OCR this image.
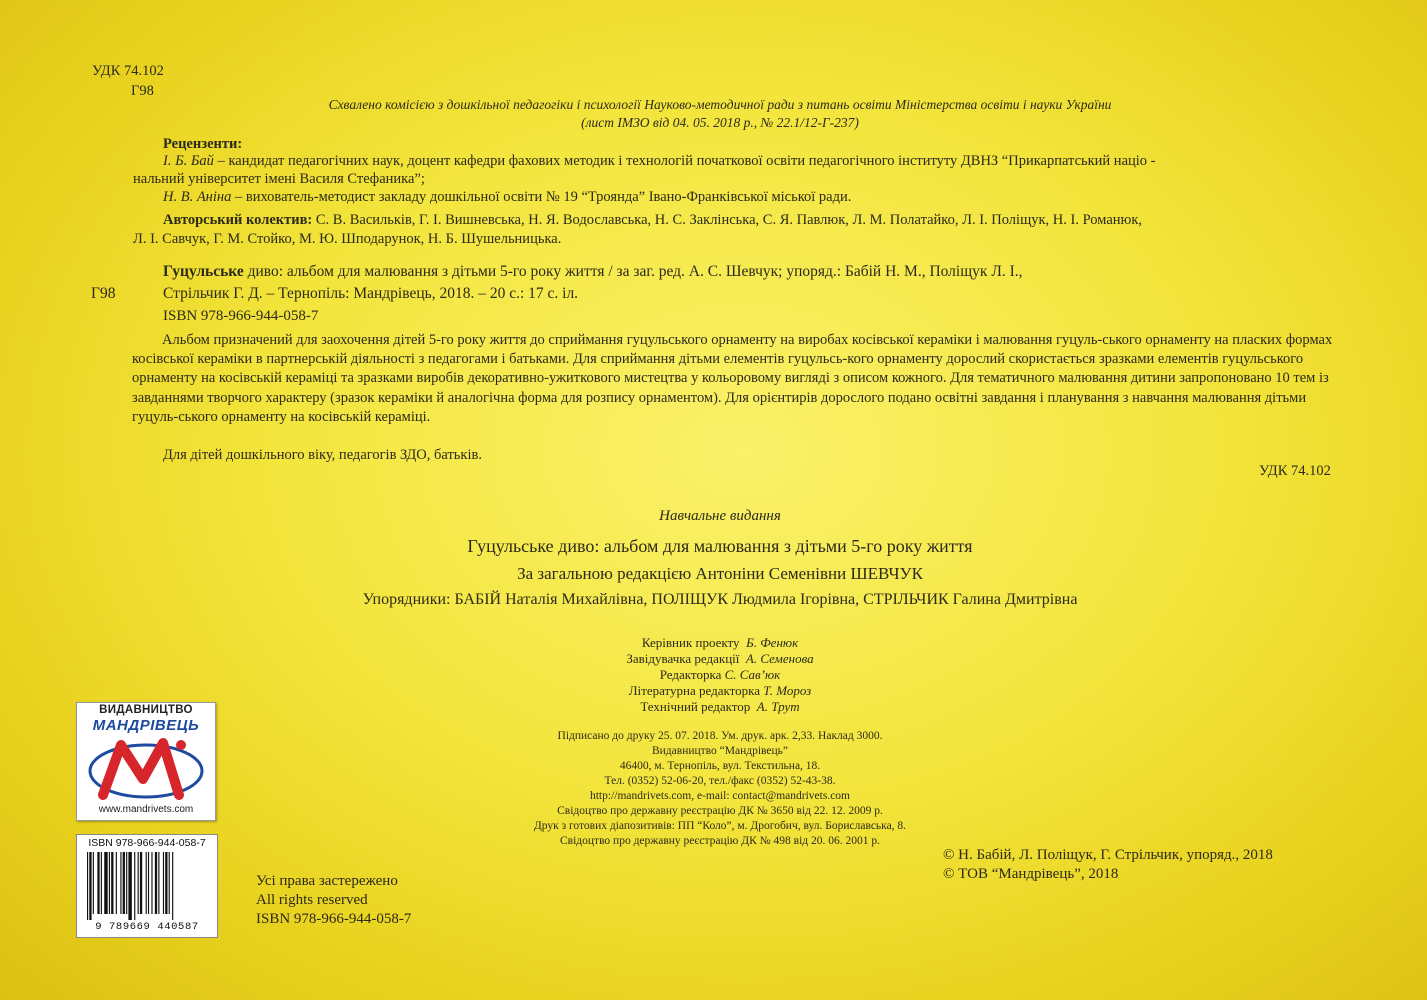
УДК 74.102
Г98
Схвалено комісією з дошкільної педагогіки і психології Науково-методичної ради з питань освіти Міністерства освіти і науки України
(лист ІМЗО від 04. 05. 2018 р., № 22.1/12-Г-237)
Рецензенти:
І. Б. Бай – кандидат педагогічних наук, доцент кафедри фахових методик і технологій початкової освіти педагогічного інституту ДВНЗ “Прикарпатський націо -
нальний університет імені Василя Стефаника”;
Н. В. Аніна – вихователь-методист закладу дошкільної освіти № 19 “Троянда” Івано-Франківської міської ради.
Авторський колектив: С. В. Васильків, Г. І. Вишневська, Н. Я. Водославська, Н. С. Заклінська, С. Я. Павлюк, Л. М. Полатайко, Л. І. Поліщук, Н. І. Романюк,
Л. І. Савчук, Г. М. Стойко, М. Ю. Шподарунок, Н. Б. Шушельницька.
Гуцульське диво: альбом для малювання з дітьми 5-го року життя / за заг. ред. А. С. Шевчук; упоряд.: Бабій Н. М., Поліщук Л. І.,
Г98	Стрільчик Г. Д. – Тернопіль: Мандрівець, 2018. – 20 с.: 17 с. іл.
ISBN 978-966-944-058-7
Альбом призначений для заохочення дітей 5-го року життя до сприймання гуцульського орнаменту на виробах косівської кераміки і малювання гуцуль-ського орнаменту на пласких формах косівської кераміки в партнерській діяльності з педагогами і батьками. Для сприймання дітьми елементів гуцульсь-кого орнаменту дорослий скористається зразками елементів гуцульського орнаменту на косівській кераміці та зразками виробів декоративно-ужиткового мистецтва у кольоровому вигляді з описом кожного. Для тематичного малювання дитини запропоновано 10 тем із завданнями творчого характеру (зразок кераміки й аналогічна форма для розпису орнаментом). Для орієнтирів дорослого подано освітні завдання і планування з навчання малювання дітьми гуцуль-ського орнаменту на косівській кераміці.
Для дітей дошкільного віку, педагогів ЗДО, батьків.
УДК 74.102
Навчальне видання
Гуцульське диво: альбом для малювання з дітьми 5-го року життя
За загальною редакцією Антоніни Семенівни ШЕВЧУК
Упорядники: БАБІЙ Наталія Михайлівна, ПОЛІЩУК Людмила Ігорівна, СТРІЛЬЧИК Галина Дмитрівна
Керівник проекту Б. Фенюк
Завідувачка редакції А. Семенова
Редакторка С. Сав’юк
Літературна редакторка Т. Мороз
Технічний редактор А. Трут
Підписано до друку 25. 07. 2018. Ум. друк. арк. 2,33. Наклад 3000.
Видавництво “Мандрівець”
46400, м. Тернопіль, вул. Текстильна, 18.
Тел. (0352) 52-06-20, тел./факс (0352) 52-43-38.
http://mandrivets.com, e-mail: contact@mandrivets.com
Свідоцтво про державну реєстрацію ДК № 3650 від 22. 12. 2009 р.
Друк з готових діапозитивів: ПП “Коло”, м. Дрогобич, вул. Бориславська, 8.
Свідоцтво про державну реєстрацію ДК № 498 від 20. 06. 2001 р.
© Н. Бабій, Л. Поліщук, Г. Стрільчик, упоряд., 2018
© ТОВ “Мандрівець”, 2018
Усі права застережено
All rights reserved
ISBN 978-966-944-058-7
ВИДАВНИЦТВО
МАНДРІВЕЦЬ
www.mandrivets.com
ISBN 978-966-944-058-7
9 789669 440587
